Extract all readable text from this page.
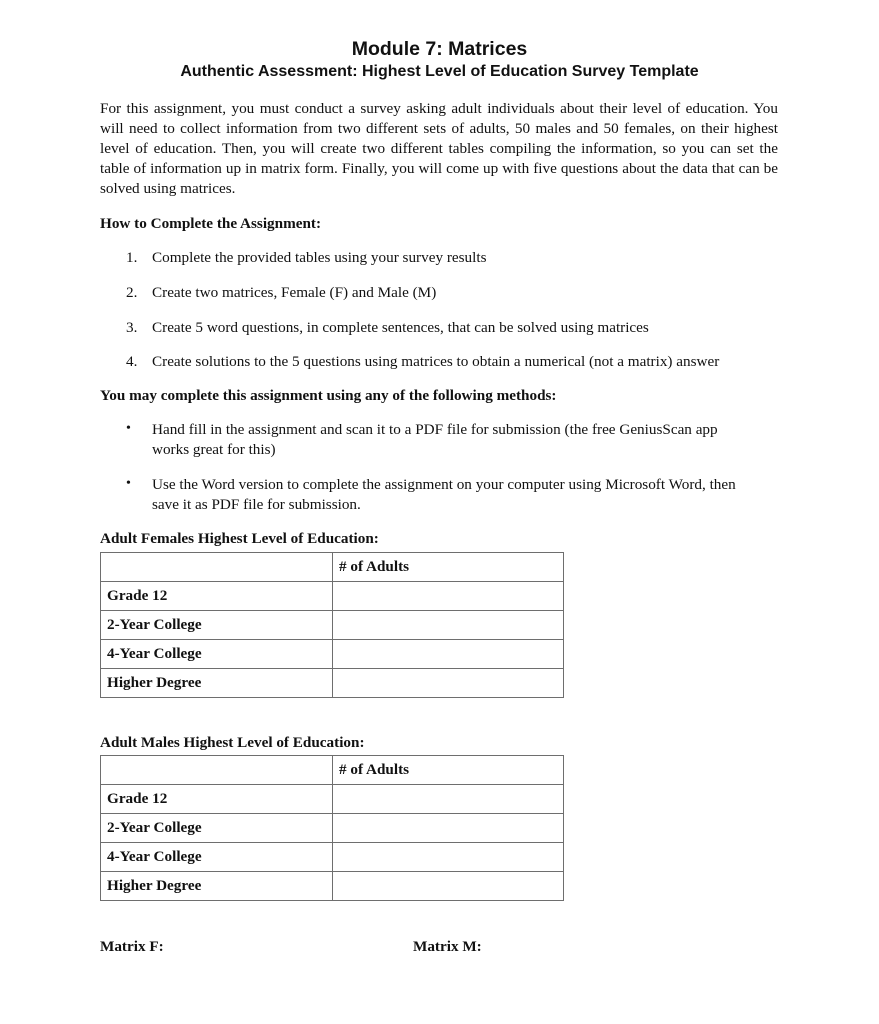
Module 7: Matrices
Authentic Assessment: Highest Level of Education Survey Template

For this assignment, you must conduct a survey asking adult individuals about their level of education. You will need to collect information from two different sets of adults, 50 males and 50 females, on their highest level of education. Then, you will create two different tables compiling the information, so you can set the table of information up in matrix form. Finally, you will come up with five questions about the data that can be solved using matrices.

How to Complete the Assignment:
1. Complete the provided tables using your survey results
2. Create two matrices, Female (F) and Male (M)
3. Create 5 word questions, in complete sentences, that can be solved using matrices
4. Create solutions to the 5 questions using matrices to obtain a numerical (not a matrix) answer
You may complete this assignment using any of the following methods:
• Hand fill in the assignment and scan it to a PDF file for submission (the free GeniusScan app
works great for this)
• Use the Word version to complete the assignment on your computer using Microsoft Word, then
save it as PDF file for submission.
Adult Females Highest Level of Education:
	# of Adults
Grade 12	
2-Year College	
4-Year College	
Higher Degree	
Adult Males Highest Level of Education:
	# of Adults
Grade 12	
2-Year College	
4-Year College	
Higher Degree	
Matrix F:	Matrix M:
